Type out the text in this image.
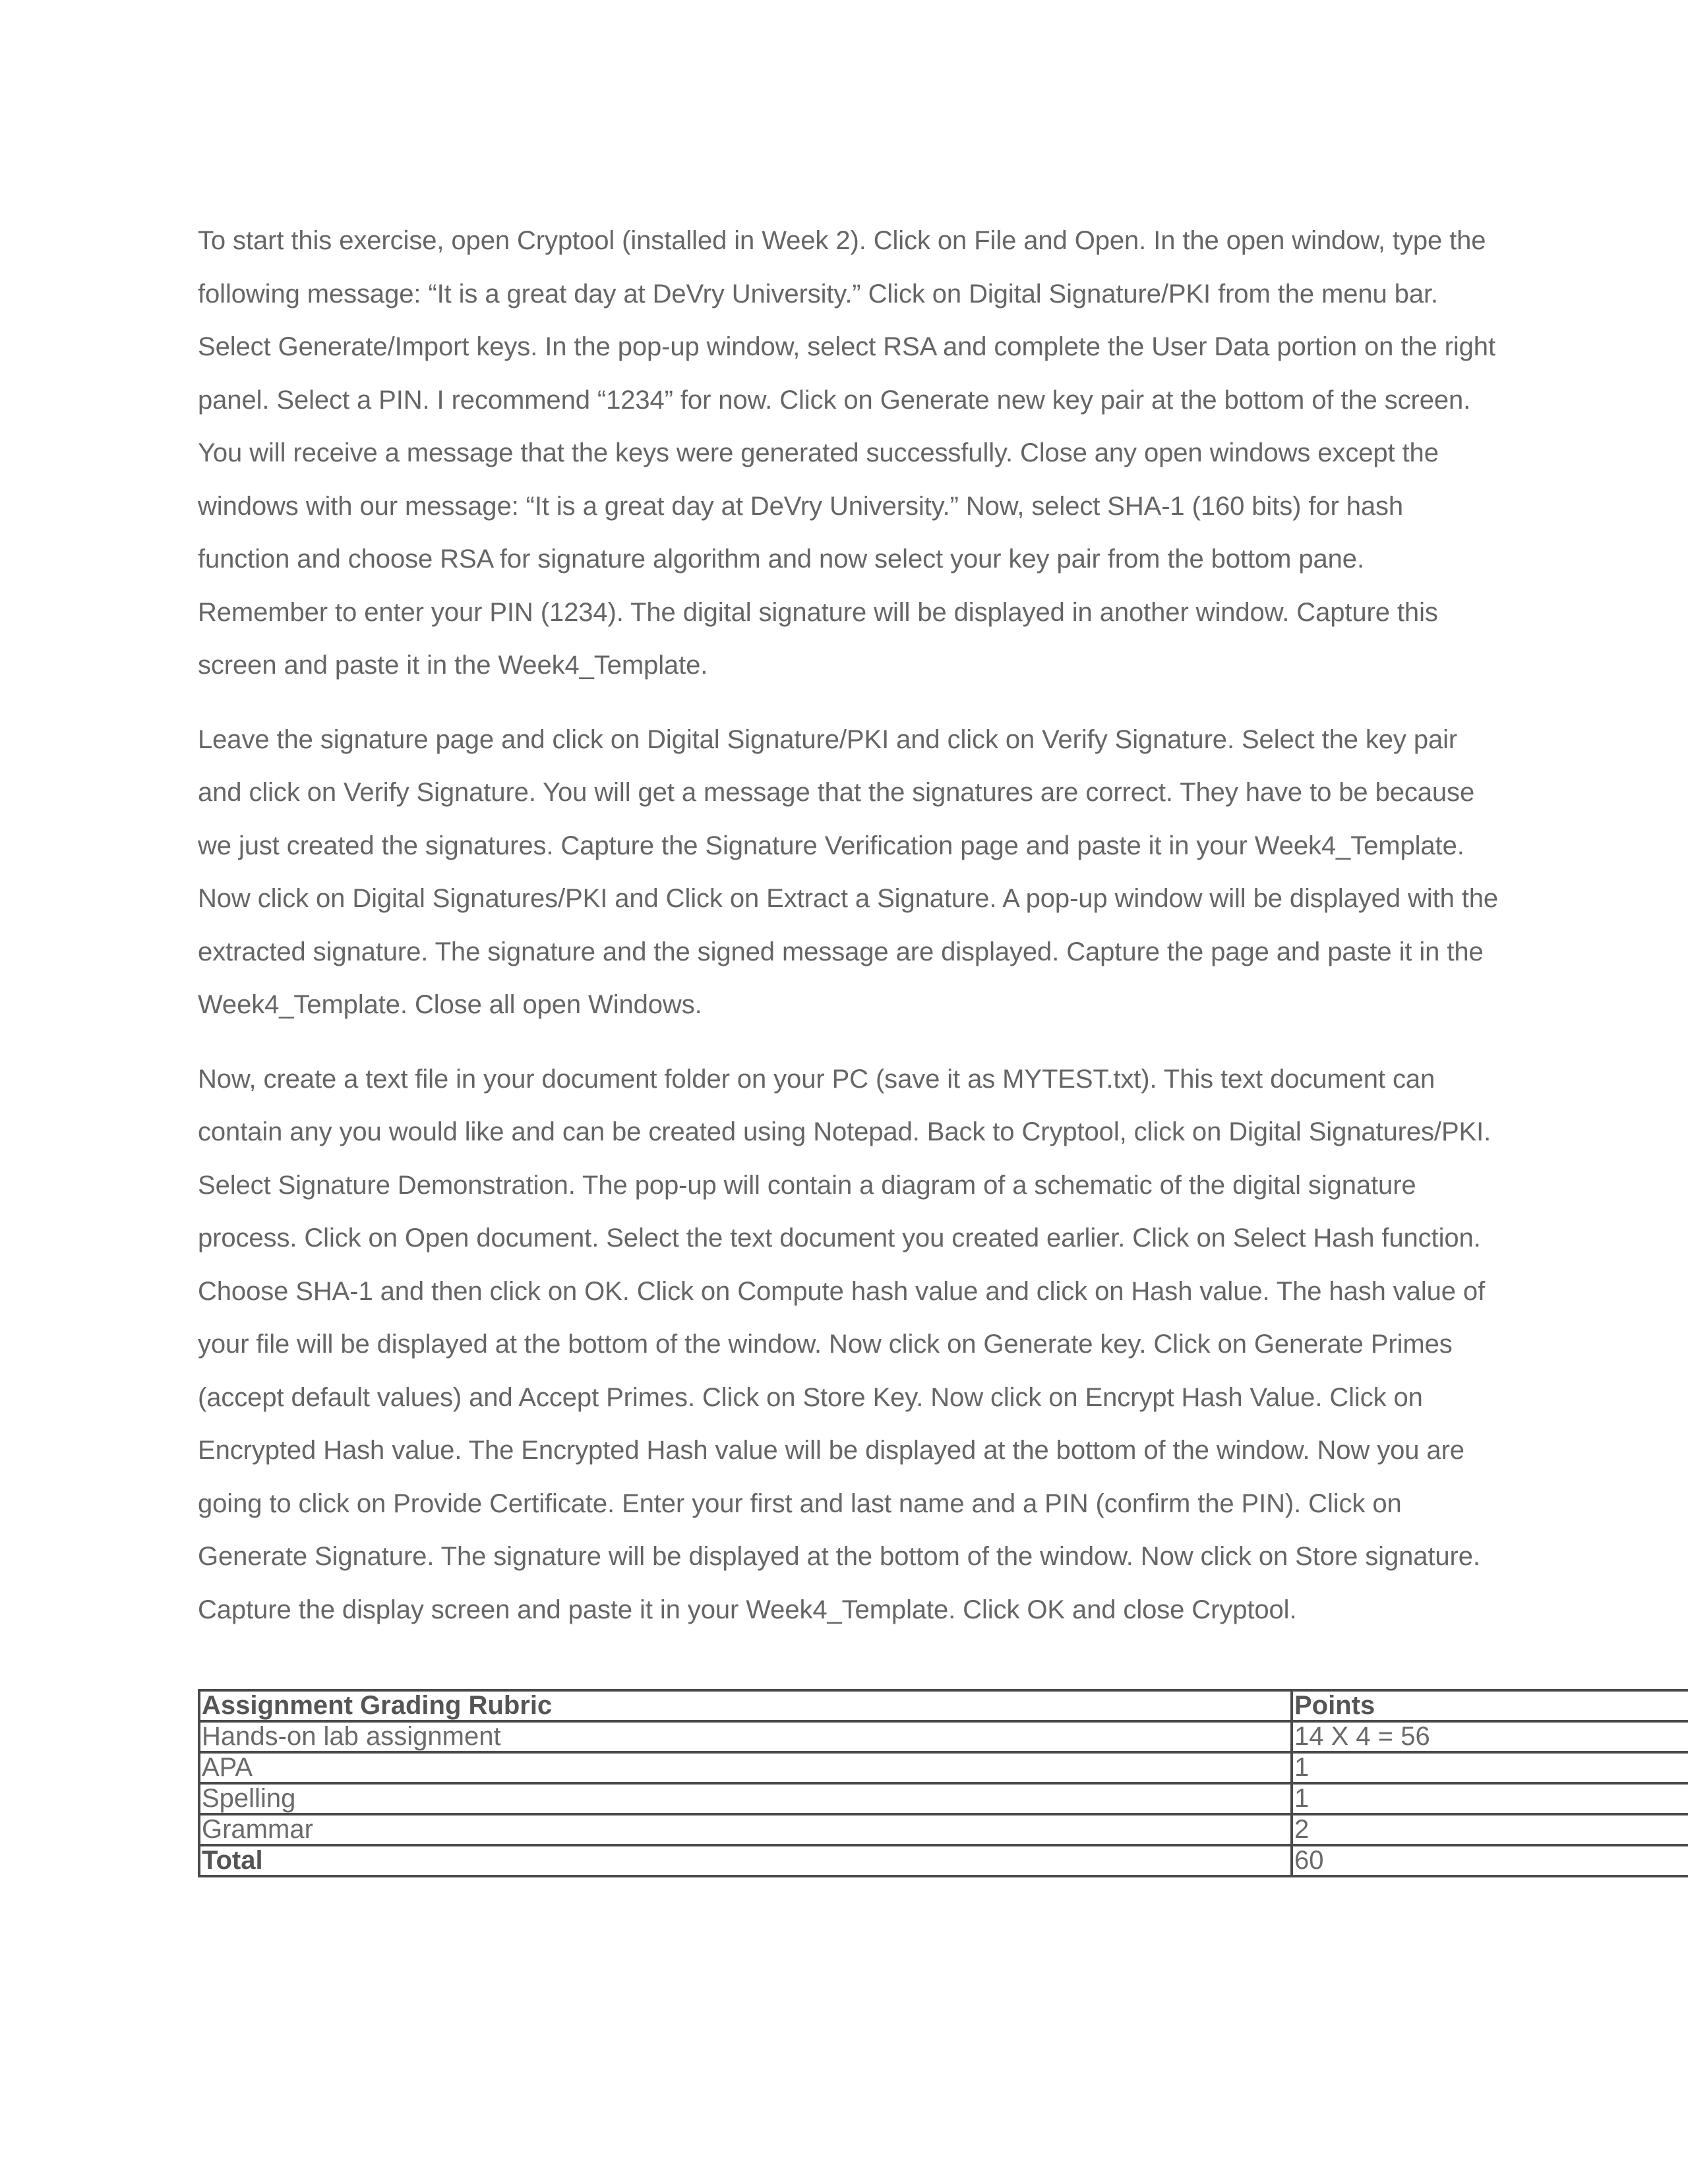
To start this exercise, open Cryptool (installed in Week 2). Click on File and Open. In the open window, type the following message: “It is a great day at DeVry University.” Click on Digital Signature/PKI from the menu bar. Select Generate/Import keys. In the pop-up window, select RSA and complete the User Data portion on the right panel. Select a PIN. I recommend “1234” for now. Click on Generate new key pair at the bottom of the screen. You will receive a message that the keys were generated successfully. Close any open windows except the windows with our message: “It is a great day at DeVry University.” Now, select SHA-1 (160 bits) for hash function and choose RSA for signature algorithm and now select your key pair from the bottom pane. Remember to enter your PIN (1234). The digital signature will be displayed in another window. Capture this screen and paste it in the Week4_Template.

Leave the signature page and click on Digital Signature/PKI and click on Verify Signature. Select the key pair and click on Verify Signature. You will get a message that the signatures are correct. They have to be because we just created the signatures. Capture the Signature Verification page and paste it in your Week4_Template. Now click on Digital Signatures/PKI and Click on Extract a Signature. A pop-up window will be displayed with the extracted signature. The signature and the signed message are displayed. Capture the page and paste it in the Week4_Template. Close all open Windows.

Now, create a text file in your document folder on your PC (save it as MYTEST.txt). This text document can contain any you would like and can be created using Notepad. Back to Cryptool, click on Digital Signatures/PKI. Select Signature Demonstration. The pop-up will contain a diagram of a schematic of the digital signature process. Click on Open document. Select the text document you created earlier. Click on Select Hash function. Choose SHA-1 and then click on OK. Click on Compute hash value and click on Hash value. The hash value of your file will be displayed at the bottom of the window. Now click on Generate key. Click on Generate Primes (accept default values) and Accept Primes. Click on Store Key. Now click on Encrypt Hash Value. Click on Encrypted Hash value. The Encrypted Hash value will be displayed at the bottom of the window. Now you are going to click on Provide Certificate. Enter your first and last name and a PIN (confirm the PIN). Click on Generate Signature. The signature will be displayed at the bottom of the window. Now click on Store signature. Capture the display screen and paste it in your Week4_Template. Click OK and close Cryptool.

Assignment Grading Rubric	Points
Hands-on lab assignment	14 X 4 = 56
APA	1
Spelling	1
Grammar	2
Total	60
